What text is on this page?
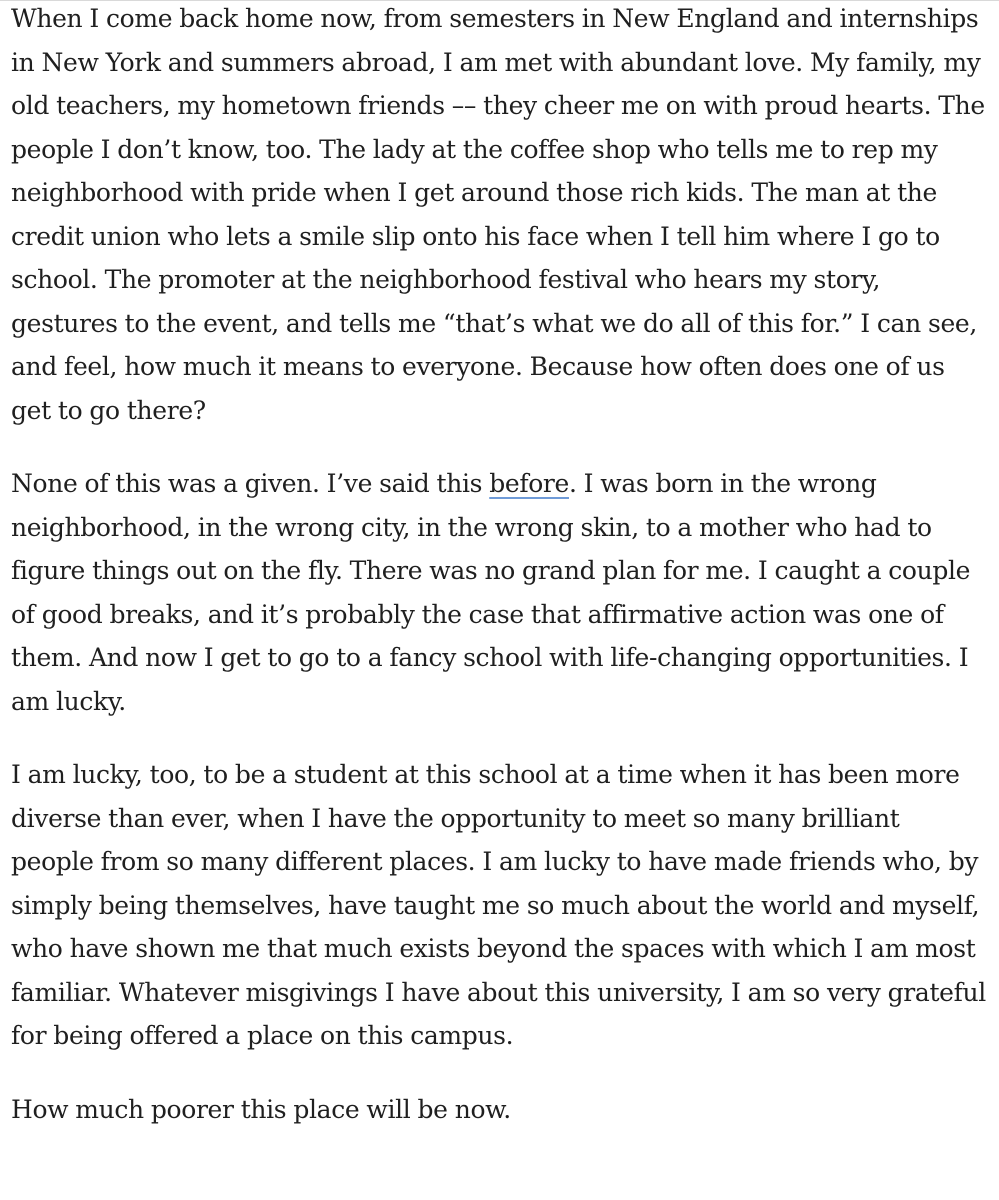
When I come back home now, from semesters in New England and internships in New York and summers abroad, I am met with abundant love. My family, my old teachers, my hometown friends –– they cheer me on with proud hearts. The people I don’t know, too. The lady at the coffee shop who tells me to rep my neighborhood with pride when I get around those rich kids. The man at the credit union who lets a smile slip onto his face when I tell him where I go to school. The promoter at the neighborhood festival who hears my story, gestures to the event, and tells me “that’s what we do all of this for.” I can see, and feel, how much it means to everyone. Because how often does one of us get to go there?

None of this was a given. I’ve said this before. I was born in the wrong neighborhood, in the wrong city, in the wrong skin, to a mother who had to figure things out on the fly. There was no grand plan for me. I caught a couple of good breaks, and it’s probably the case that affirmative action was one of them. And now I get to go to a fancy school with life-changing opportunities. I am lucky.

I am lucky, too, to be a student at this school at a time when it has been more diverse than ever, when I have the opportunity to meet so many brilliant people from so many different places. I am lucky to have made friends who, by simply being themselves, have taught me so much about the world and myself, who have shown me that much exists beyond the spaces with which I am most familiar. Whatever misgivings I have about this university, I am so very grateful for being offered a place on this campus.

How much poorer this place will be now.
